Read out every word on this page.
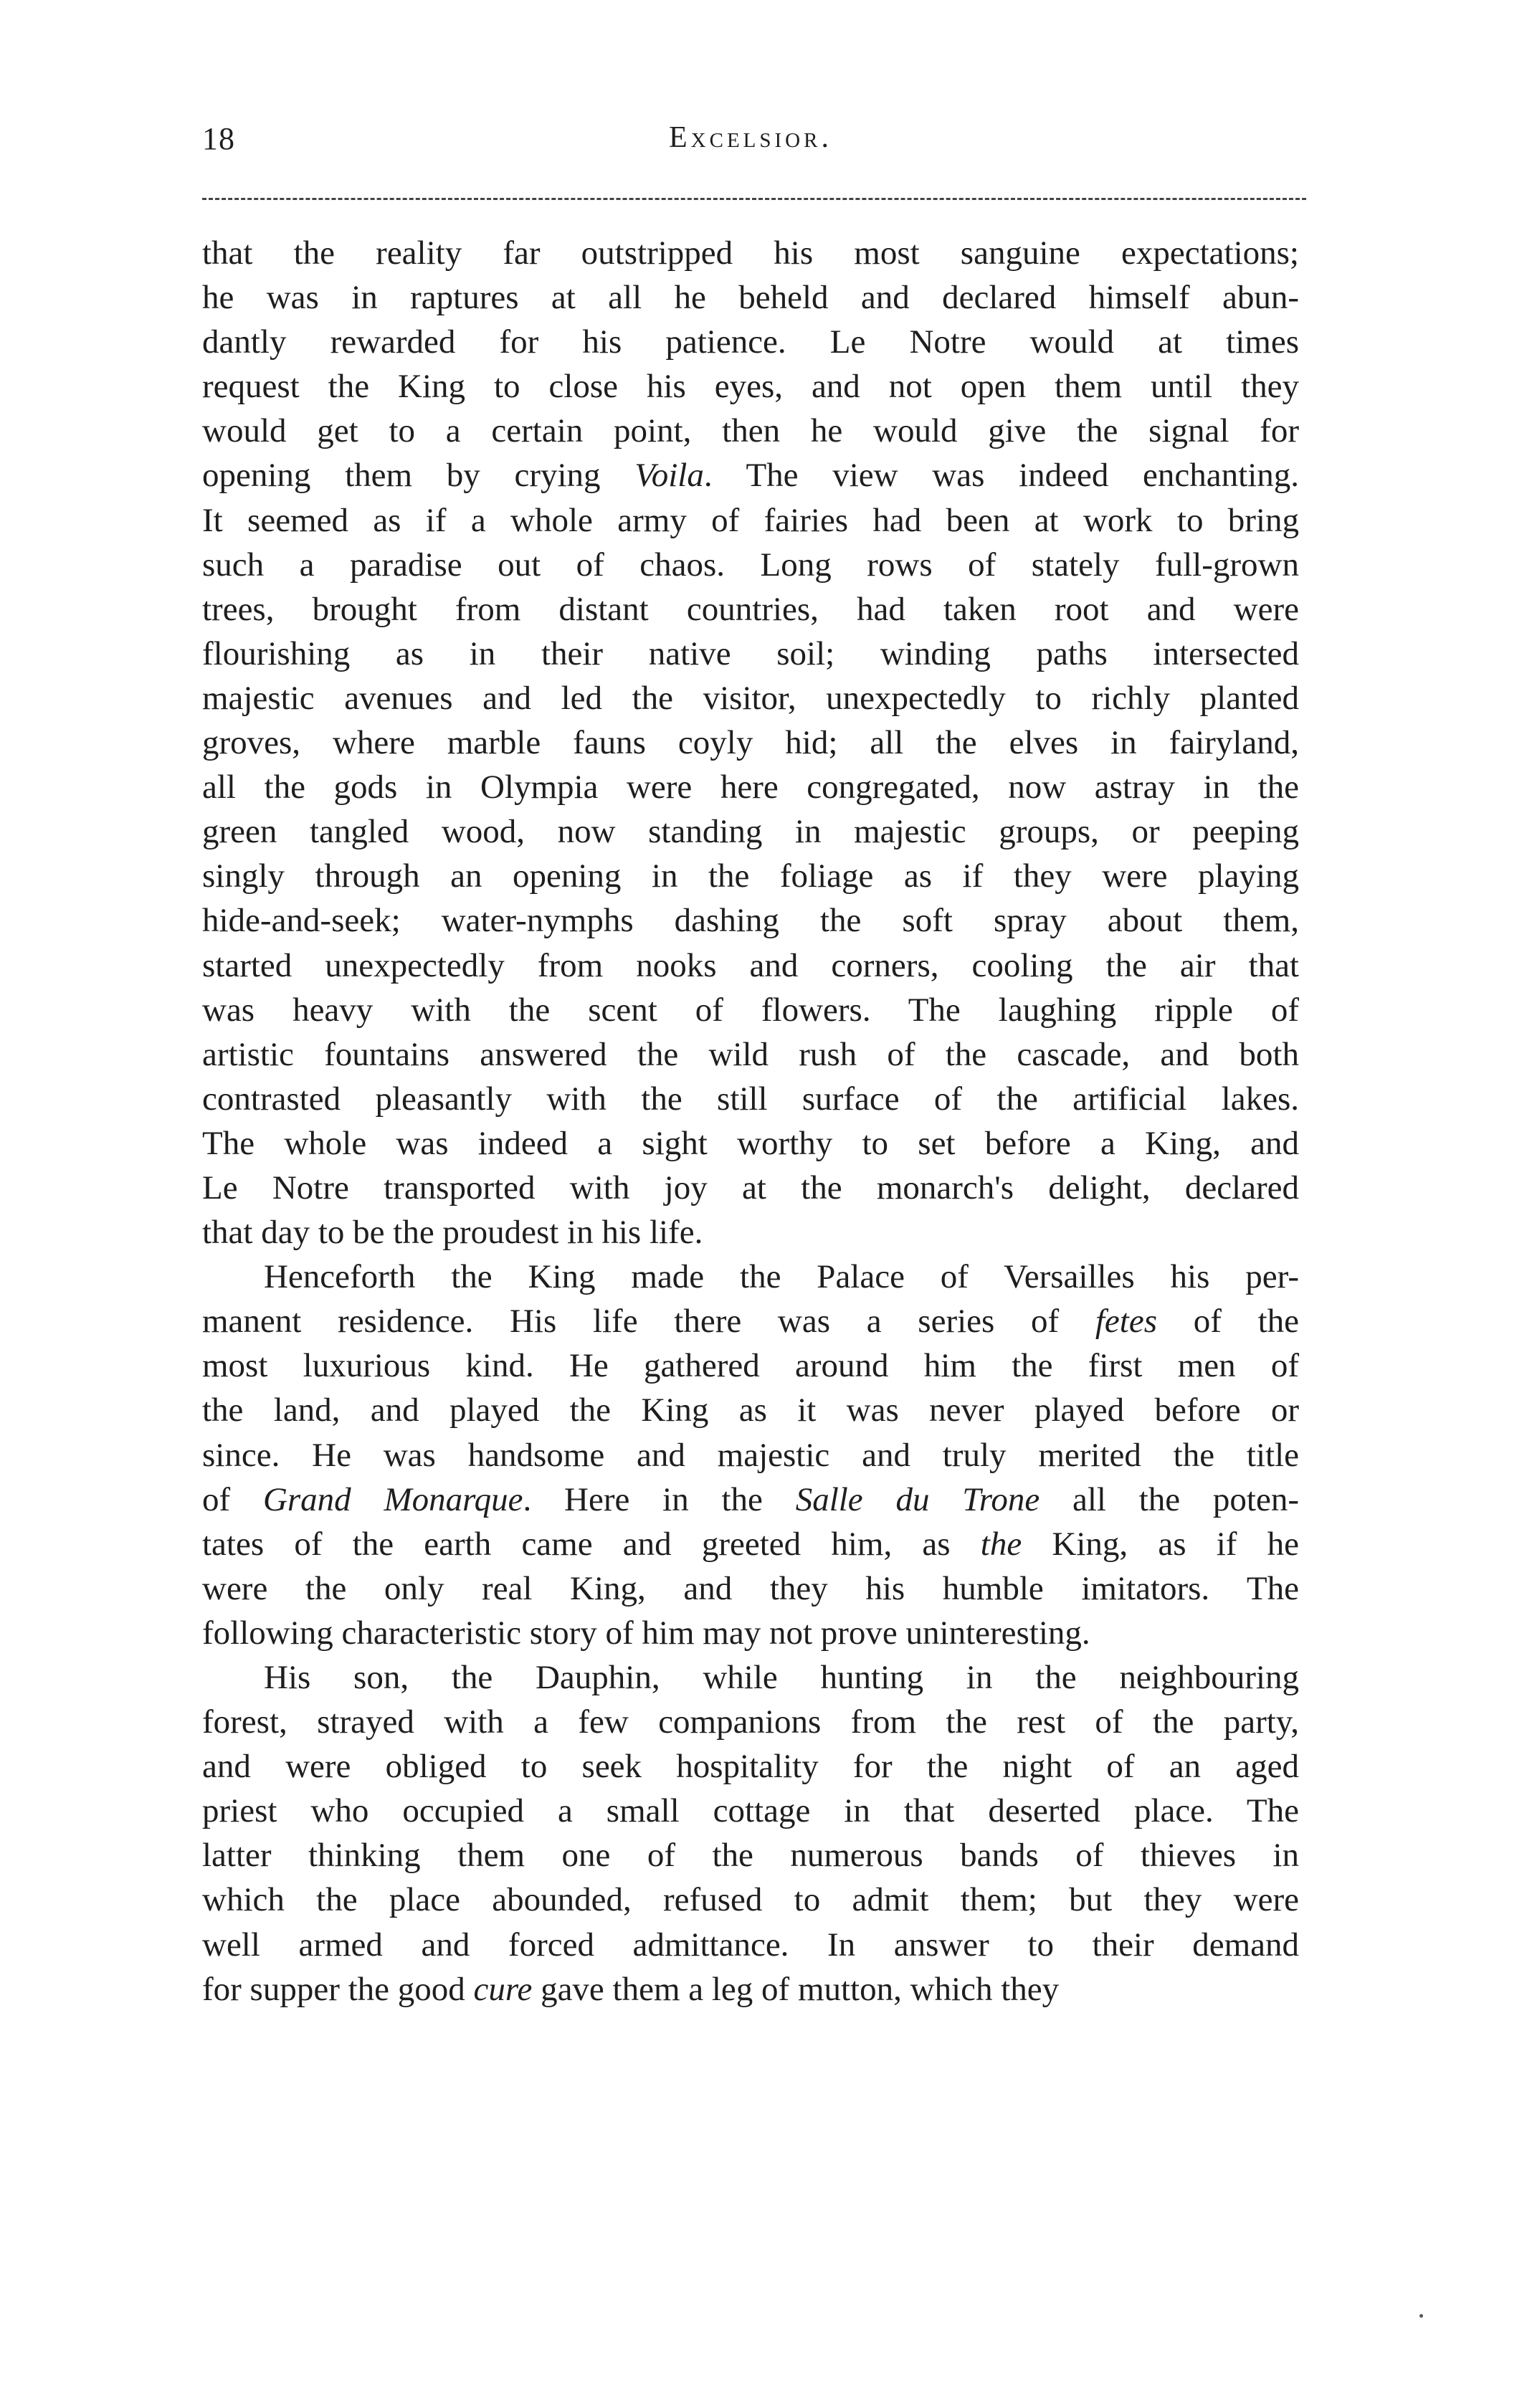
18	Excelsior.
that the reality far outstripped his most sanguine expectations;
he was in raptures at all he beheld and declared himself abun-
dantly rewarded for his patience. Le Notre would at times
request the King to close his eyes, and not open them until they
would get to a certain point, then he would give the signal for
opening them by crying Voila. The view was indeed enchanting.
It seemed as if a whole army of fairies had been at work to bring
such a paradise out of chaos. Long rows of stately full-grown
trees, brought from distant countries, had taken root and were
flourishing as in their native soil; winding paths intersected
majestic avenues and led the visitor, unexpectedly to richly planted
groves, where marble fauns coyly hid; all the elves in fairyland,
all the gods in Olympia were here congregated, now astray in the
green tangled wood, now standing in majestic groups, or peeping
singly through an opening in the foliage as if they were playing
hide-and-seek; water-nymphs dashing the soft spray about them,
started unexpectedly from nooks and corners, cooling the air that
was heavy with the scent of flowers. The laughing ripple of
artistic fountains answered the wild rush of the cascade, and both
contrasted pleasantly with the still surface of the artificial lakes.
The whole was indeed a sight worthy to set before a King, and
Le Notre transported with joy at the monarch's delight, declared
that day to be the proudest in his life.
Henceforth the King made the Palace of Versailles his per-
manent residence. His life there was a series of fetes of the
most luxurious kind. He gathered around him the first men of
the land, and played the King as it was never played before or
since. He was handsome and majestic and truly merited the title
of Grand Monarque. Here in the Salle du Trone all the poten-
tates of the earth came and greeted him, as the King, as if he
were the only real King, and they his humble imitators. The
following characteristic story of him may not prove uninteresting.
His son, the Dauphin, while hunting in the neighbouring
forest, strayed with a few companions from the rest of the party,
and were obliged to seek hospitality for the night of an aged
priest who occupied a small cottage in that deserted place. The
latter thinking them one of the numerous bands of thieves in
which the place abounded, refused to admit them; but they were
well armed and forced admittance. In answer to their demand
for supper the good cure gave them a leg of mutton, which they
